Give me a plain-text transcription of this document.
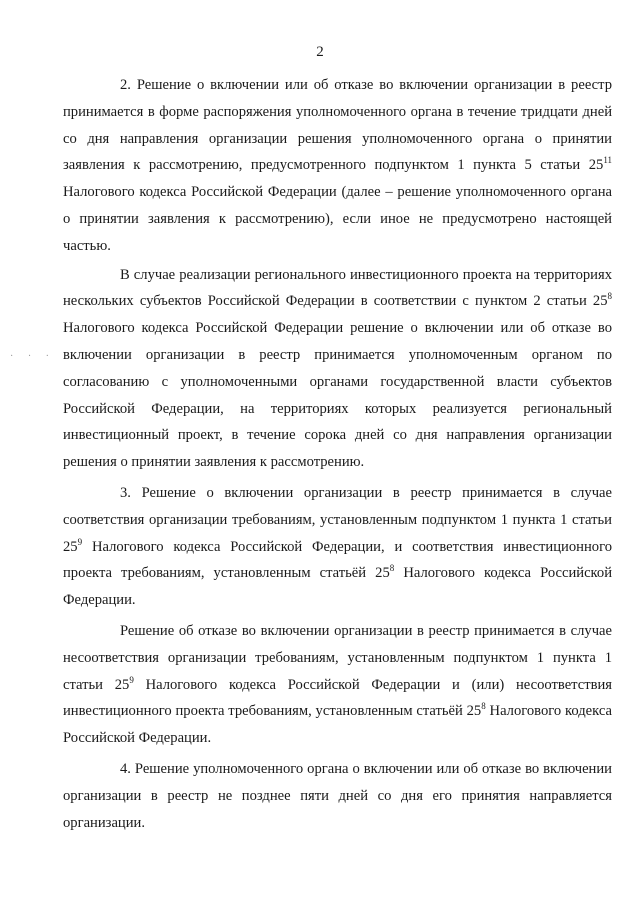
2
· · ·

2. Решение о включении или об отказе во включении организации в реестр принимается в форме распоряжения уполномоченного органа в течение тридцати дней со дня направления организации решения уполномоченного органа о принятии заявления к рассмотрению, предусмотренного подпунктом 1 пункта 5 статьи $25^{11}$ Налогового кодекса Российской Федерации (далее – решение уполномоченного органа о принятии заявления к рассмотрению), если иное не предусмотрено настоящей частью.

В случае реализации регионального инвестиционного проекта на территориях нескольких субъектов Российской Федерации в соответствии с пунктом 2 статьи $25^8$ Налогового кодекса Российской Федерации решение о включении или об отказе во включении организации в реестр принимается уполномоченным органом по согласованию с уполномоченными органами государственной власти субъектов Российской Федерации, на территориях которых реализуется региональный инвестиционный проект, в течение сорока дней со дня направления организации решения о принятии заявления к рассмотрению.

3. Решение о включении организации в реестр принимается в случае соответствия организации требованиям, установленным подпунктом 1 пункта 1 статьи $25^9$ Налогового кодекса Российской Федерации, и соответствия инвестиционного проекта требованиям, установленным статьёй $25^8$ Налогового кодекса Российской Федерации.

Решение об отказе во включении организации в реестр принимается в случае несоответствия организации требованиям, установленным подпунктом 1 пункта 1 статьи $25^9$ Налогового кодекса Российской Федерации и (или) несоответствия инвестиционного проекта требованиям, установленным статьёй $25^8$ Налогового кодекса Российской Федерации.

4. Решение уполномоченного органа о включении или об отказе во включении организации в реестр не позднее пяти дней со дня его принятия направляется организации.
